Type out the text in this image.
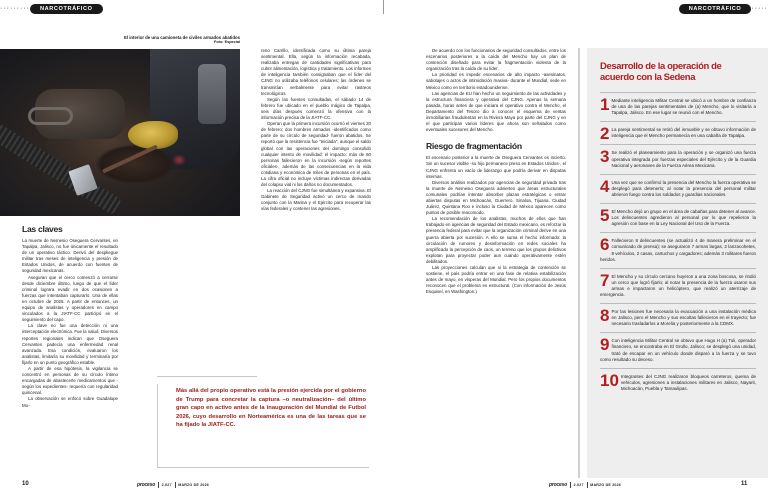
·········	NARCOTRÁFICO
El interior de una camioneta de civiles armados abatidos
Foto: Especial
Las claves

La muerte de Nemesio Oseguera Cervantes, en Tapalpa, Jalisco, no fue únicamente el resultado de un operativo táctico. Derivó del despliegue militar tras meses de inteligencia y presión de Estados Unidos, de acuerdo con fuentes de seguridad mexicanas.

Aseguran que el cerco comenzó a cerrarse desde diciembre último, luego de que el líder criminal lograra evadir en dos ocasiones a fuerzas que intentaban capturarlo. Una de ellas en octubre de 2025. A partir de entonces, un equipo de analistas y operadores en campo vinculados a la JIATF-CC participó en el seguimiento del capo.

La clave no fue una detección ni una interceptación electrónica. Fue la salud. Diversos reportes regionales indican que Oseguera Cervantes padecía una enfermedad renal avanzada. Esa condición, evaluaron los analistas, limitaría su movilidad y terminaría por fijarlo en un punto geográfico estable.

A partir de esa hipótesis, la vigilancia se concentró en personas de su círculo íntimo encargadas de abastecerle medicamentos que -según los expedientes- requería con regularidad quincenal.

La observación se enfocó sobre Guadalupe Mo-

reno Carrillo, identificada como su última pareja sentimental. Ella, según la información recabada, realizaba entregas de cantidades significativas para cubrir alimentación, logística y tratamiento. Los informes de inteligencia también consignaban que el líder del CJNG no utilizaba teléfonos celulares; las órdenes se transmitían verbalmente para evitar rastreos tecnológicos.

Según las fuentes consultadas, el sábado 14 de febrero fue ubicado en el pueblo mágico de Tapalpa, seis días después comenzó la ofensiva con la información precisa de la JIATF-CC.

Operan que la primera incursión ocurrió el viernes 20 de febrero; dos hombres armados -identificados como parte de su círculo de seguridad- fueron abatidos. Se reportó que la resistencia fue "Iniciada", aunque el saldo global con las operaciones del domingo consolidó cualquier intento de movilidad: el impacto: más de 60 personas fallecieron en la incursión -según reportes oficiales-, además de las consecuencias en la vida cotidiana y económica de miles de personas en el país. La cifra oficial no incluye víctimas indirectas derivadas del colapso vial ni los daños no documentados.

La reacción del CJNG fue simultánea y expansiva. El Gabinete de Seguridad activó un cerco de mando conjunto con la Marina y el Ejército para recuperar las vías federales y contener las agresiones.

Más allá del propio operativo está la presión ejercida por el gobierno de Trump para concretar la captura –o neutralización– del último gran capo en activo antes de la inauguración del Mundial de Futbol 2026, cuyo desarrollo en Norteamérica es una de las tareas que se ha fijado la JIATF-CC.

proceso 2.027 MARZO DE 2026
10
NARCOTRÁFICO	·····

De acuerdo con los funcionarios de seguridad consultados, entre los escenarios posteriores a la caída del Mencho hay un plan de contención diseñado para evitar la fragmentación violenta de la organización tras la caída de su líder.

La prioridad es impedir escenarios de alto impacto -asesinatos, sabotajes o actos de intimidación masiva- durante el Mundial, sede en México como en territorio estadounidense.

Las agencias de EU han hecho un seguimiento de las actividades y la estructura financiera y operativa del CJNG. Apenas la semana pasada, horas antes de que iniciara el operativo contra el Mencho, el Departamento del Tesoro dio a conocer el esquema de ventas inmobiliarias fraudulentas en la Riviera Maya por parte del CJNG y en el que participan varios líderes que ahora son señalados como eventuales sucesores del Mencho.

Riesgo de fragmentación

El escenario posterior a la muerte de Oseguera Cervantes es incierto. Sin un sucesor visible -su hijo permanece preso en Estados Unidos-, el CJNG enfrenta un vacío de liderazgo que podría derivar en disputas internas.

Diversos análisis realizados por agencias de seguridad privada tras la muerte de Nemesio Oseguera advierten que áreas estructurales comunales podrían intentar absorber plazas estratégicas o entrar abiertas disputas en Michoacán, Guerrero, Sinaloa, Tijuana, Ciudad Juárez, Quintana Roo e incluso la Ciudad de México aparecen como puntos de posible reacomodo.

La recomendación de los analistas, muchos de ellos que han trabajado en agencias de seguridad del Estado mexicano, es reforzar la presencia federal para evitar que la organización criminal derive en una guerra abierta por sucesión. A ello se suma el hecho informado: la circulación de rumores y desinformación en redes sociales ha amplificado la percepción de caos, un terreno que los grupos delictivos explotan para proyectar poder aun cuando operativamente estén debilitados.

Las proyecciones calculan que si la estrategia de contención se sostiene, el país podría entrar en una fase de relativa estabilización antes de mayo, en vísperas del Mundial. Pero los propios documentos reconocen que el problema es estructural. (Con información de Jesús Esquivel, en Washington.)

Desarrollo de la operación de acuerdo con la Sedena
1 Mediante inteligencia Militar Central se ubicó a un hombre de confianza de una de las parejas sentimentales de (a) Mencho, que lo visitaría a Tapalpa, Jalisco. En ese lugar se reunió con el Mencho.
2 La pareja sentimental se retiró del inmueble y se obtuvo información de inteligencia que el Mencho permanecía en una cabaña de Tapalpa.
3 Se realizó el planeamiento para la operación y se organizó una fuerza operativa integrada por fuerzas especiales del Ejército y de la Guardia Nacional y aeronaves de la Fuerza Aérea Mexicana.
4 Una vez que se confirmó la presencia del Mencho la fuerza operativa se desplegó para detenerlo; al notar la presencia del personal militar abrieron fuego contra los soldados y guardias nacionales.
5 El Mencho dejó un grupo en el área de cabañas para detener al avance. Los delincuentes agredieron al personal por lo que repelieron la agresión con base en la Ley Nacional del Uso de la Fuerza.
6 Fallecieron 8 delincuentes (se actualizó 4 de manera preliminar en el comunicado de prensa); se aseguraron 7 armas largas, 2 lanzacohetes, 8 vehículos, 2 casas, cartuchos y cargadores; además 3 militares fueron heridos.
7 El Mencho y su círculo cercano huyeron a una zona boscosa, se rindió un cerco que logró fijarlo; al notar la presencia de la fuerza usaron sus armas e impactaron un helicóptero, que realizó un aterrizaje de emergencia.
8 Por las lesiones fue necesaria la evacuación a una instalación médica en Jalisco, pero el Mencho y sus escoltas fallecieron en el trayecto; fue necesario trasladarlos a Morelia y posteriormente a la CDMX.
9 Con inteligencia Militar Central se obtuvo que Hugo H (a) Tuli, operador financiero, se encontraba en El Grullo, Jalisco; se desplegó una unidad, trató de escapar en un vehículo donde disparó a la fuerza y se tuvo como resultado su deceso.
10 Integrantes del CJNG realizaron bloqueos carreteros, quema de vehículos, agresiones a instalaciones militares en Jalisco, Nayarit, Michoacán, Puebla y Tamaulipas.
proceso 2.027 MARZO DE 2026	11
